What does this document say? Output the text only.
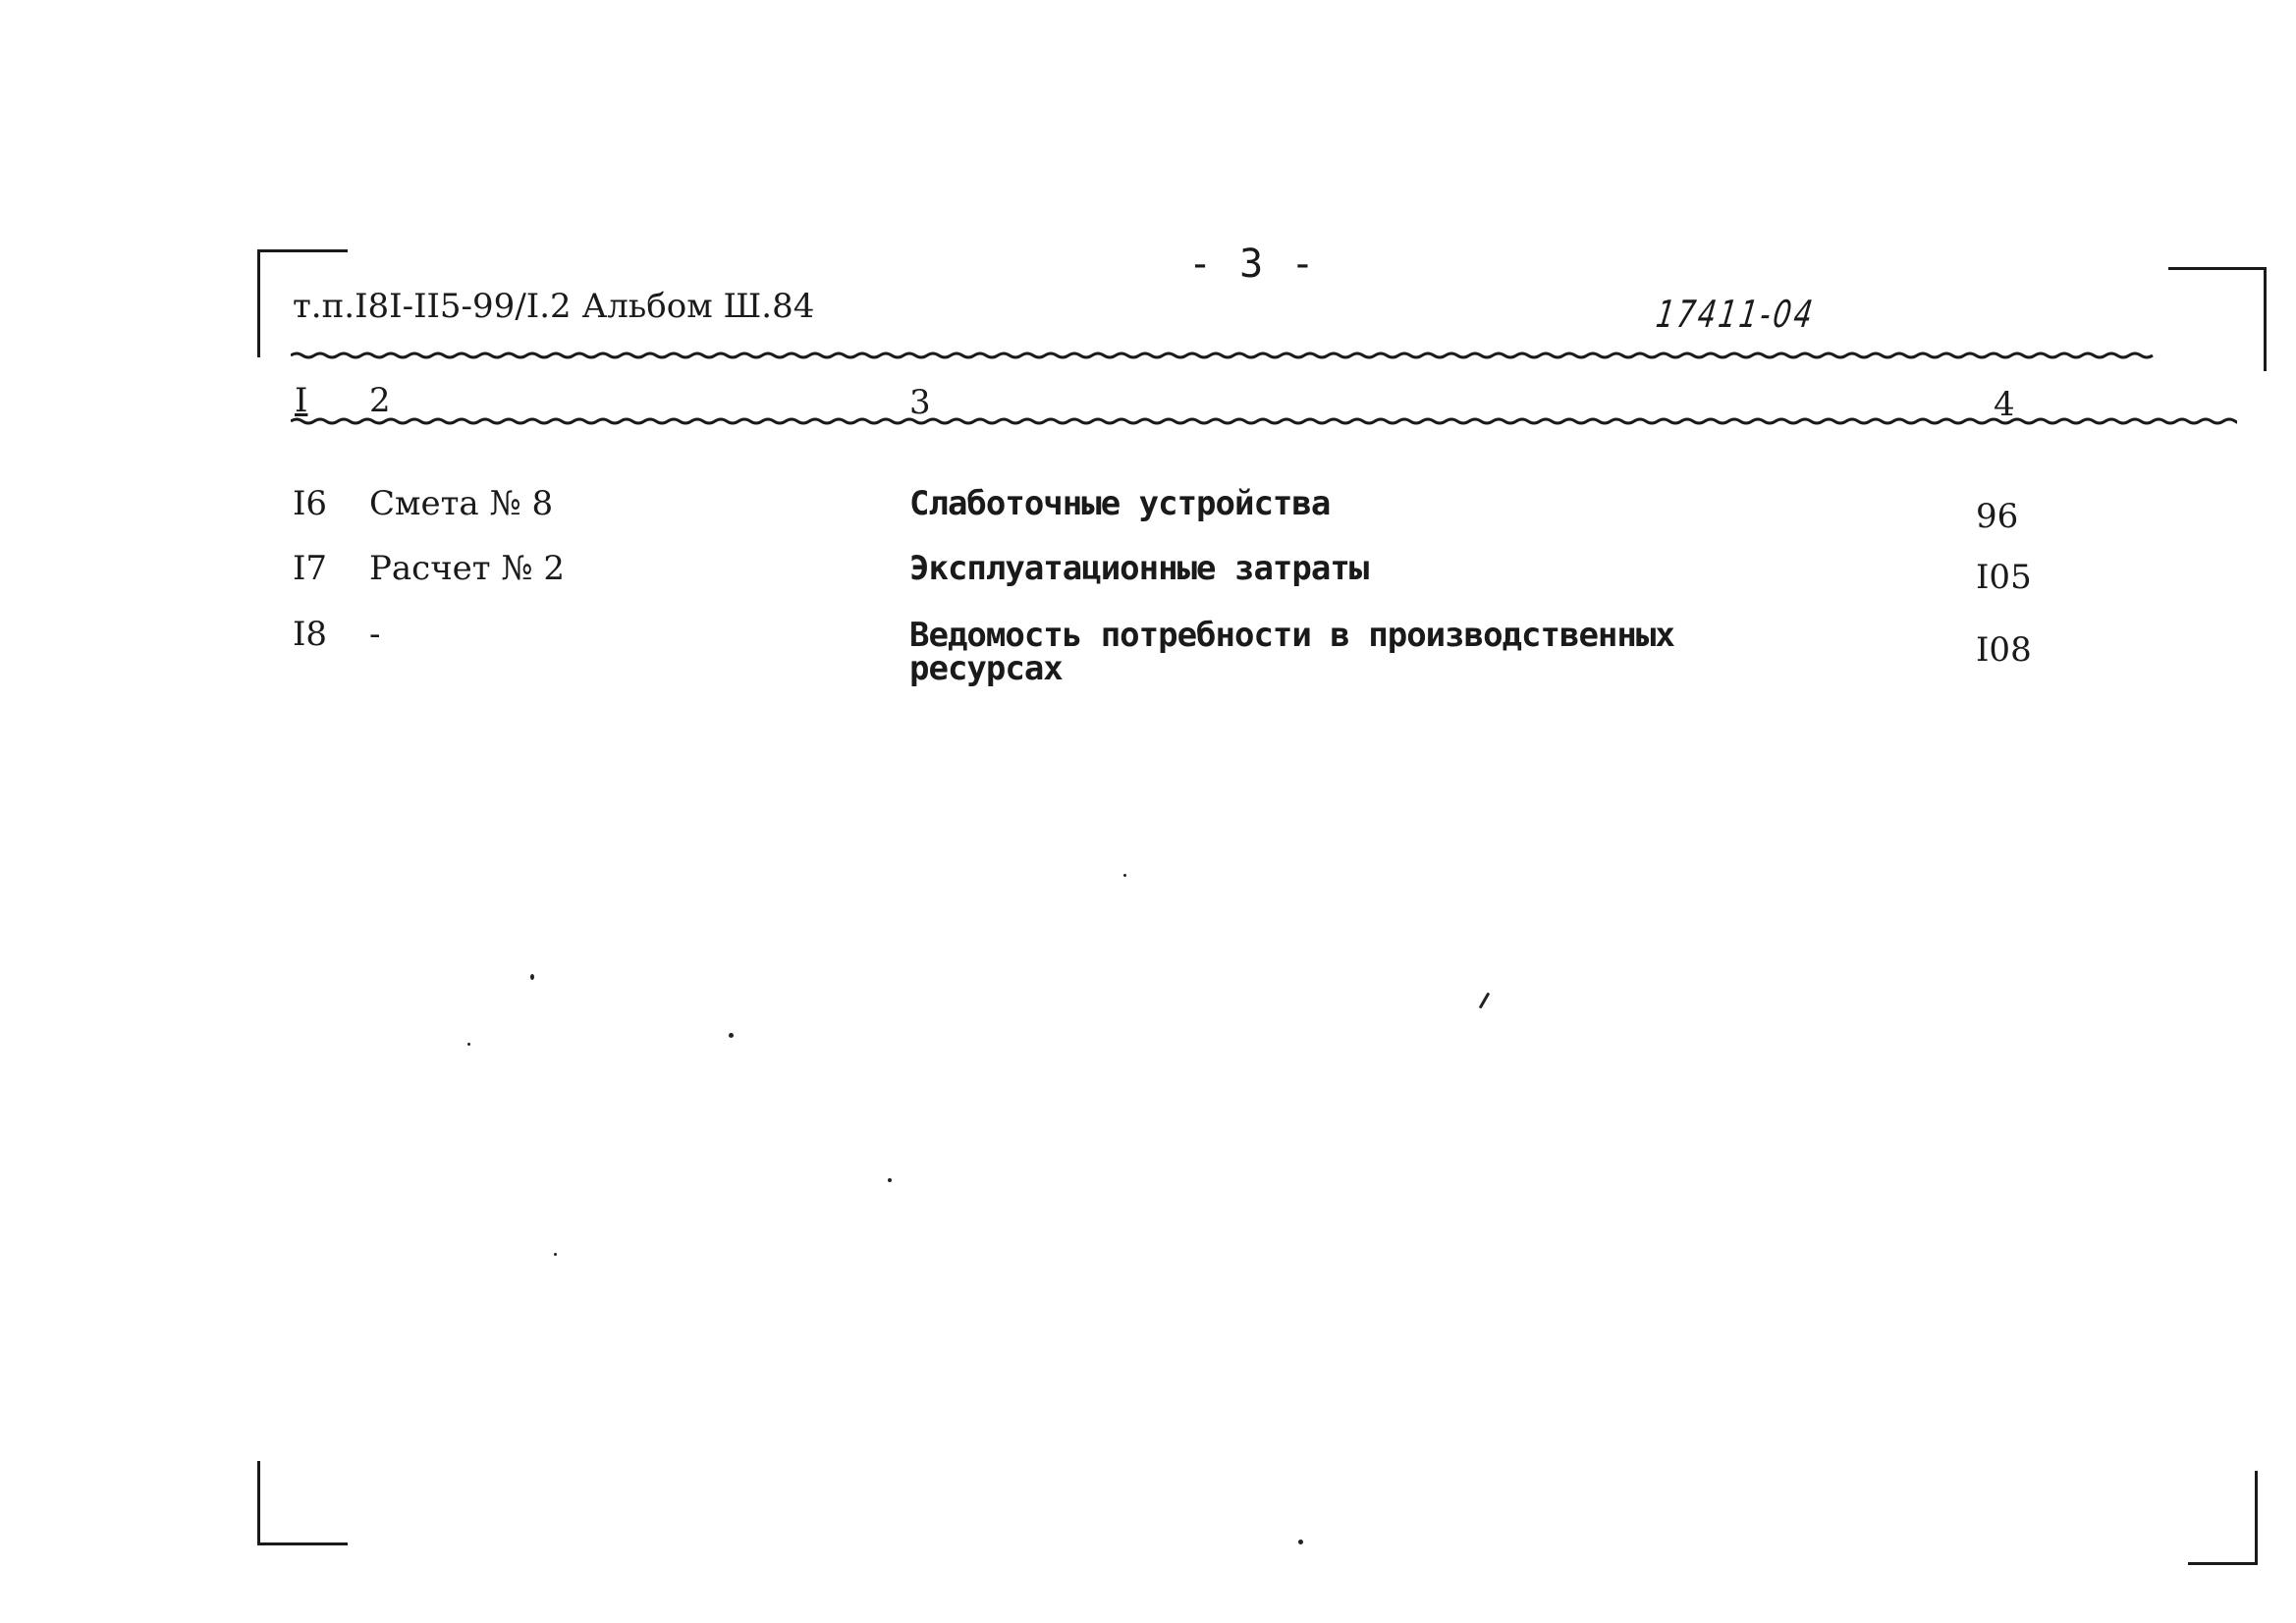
- 3 -
т.п.I8I-II5-99/I.2 Альбом Ш.84	17411-04
I 2	3	4
I6 Смета № 8	Слаботочные устройства	96
I7 Расчет № 2	Эксплуатационные затраты	I05
I8 -	Ведомость потребности в производственных ресурсах	I08
